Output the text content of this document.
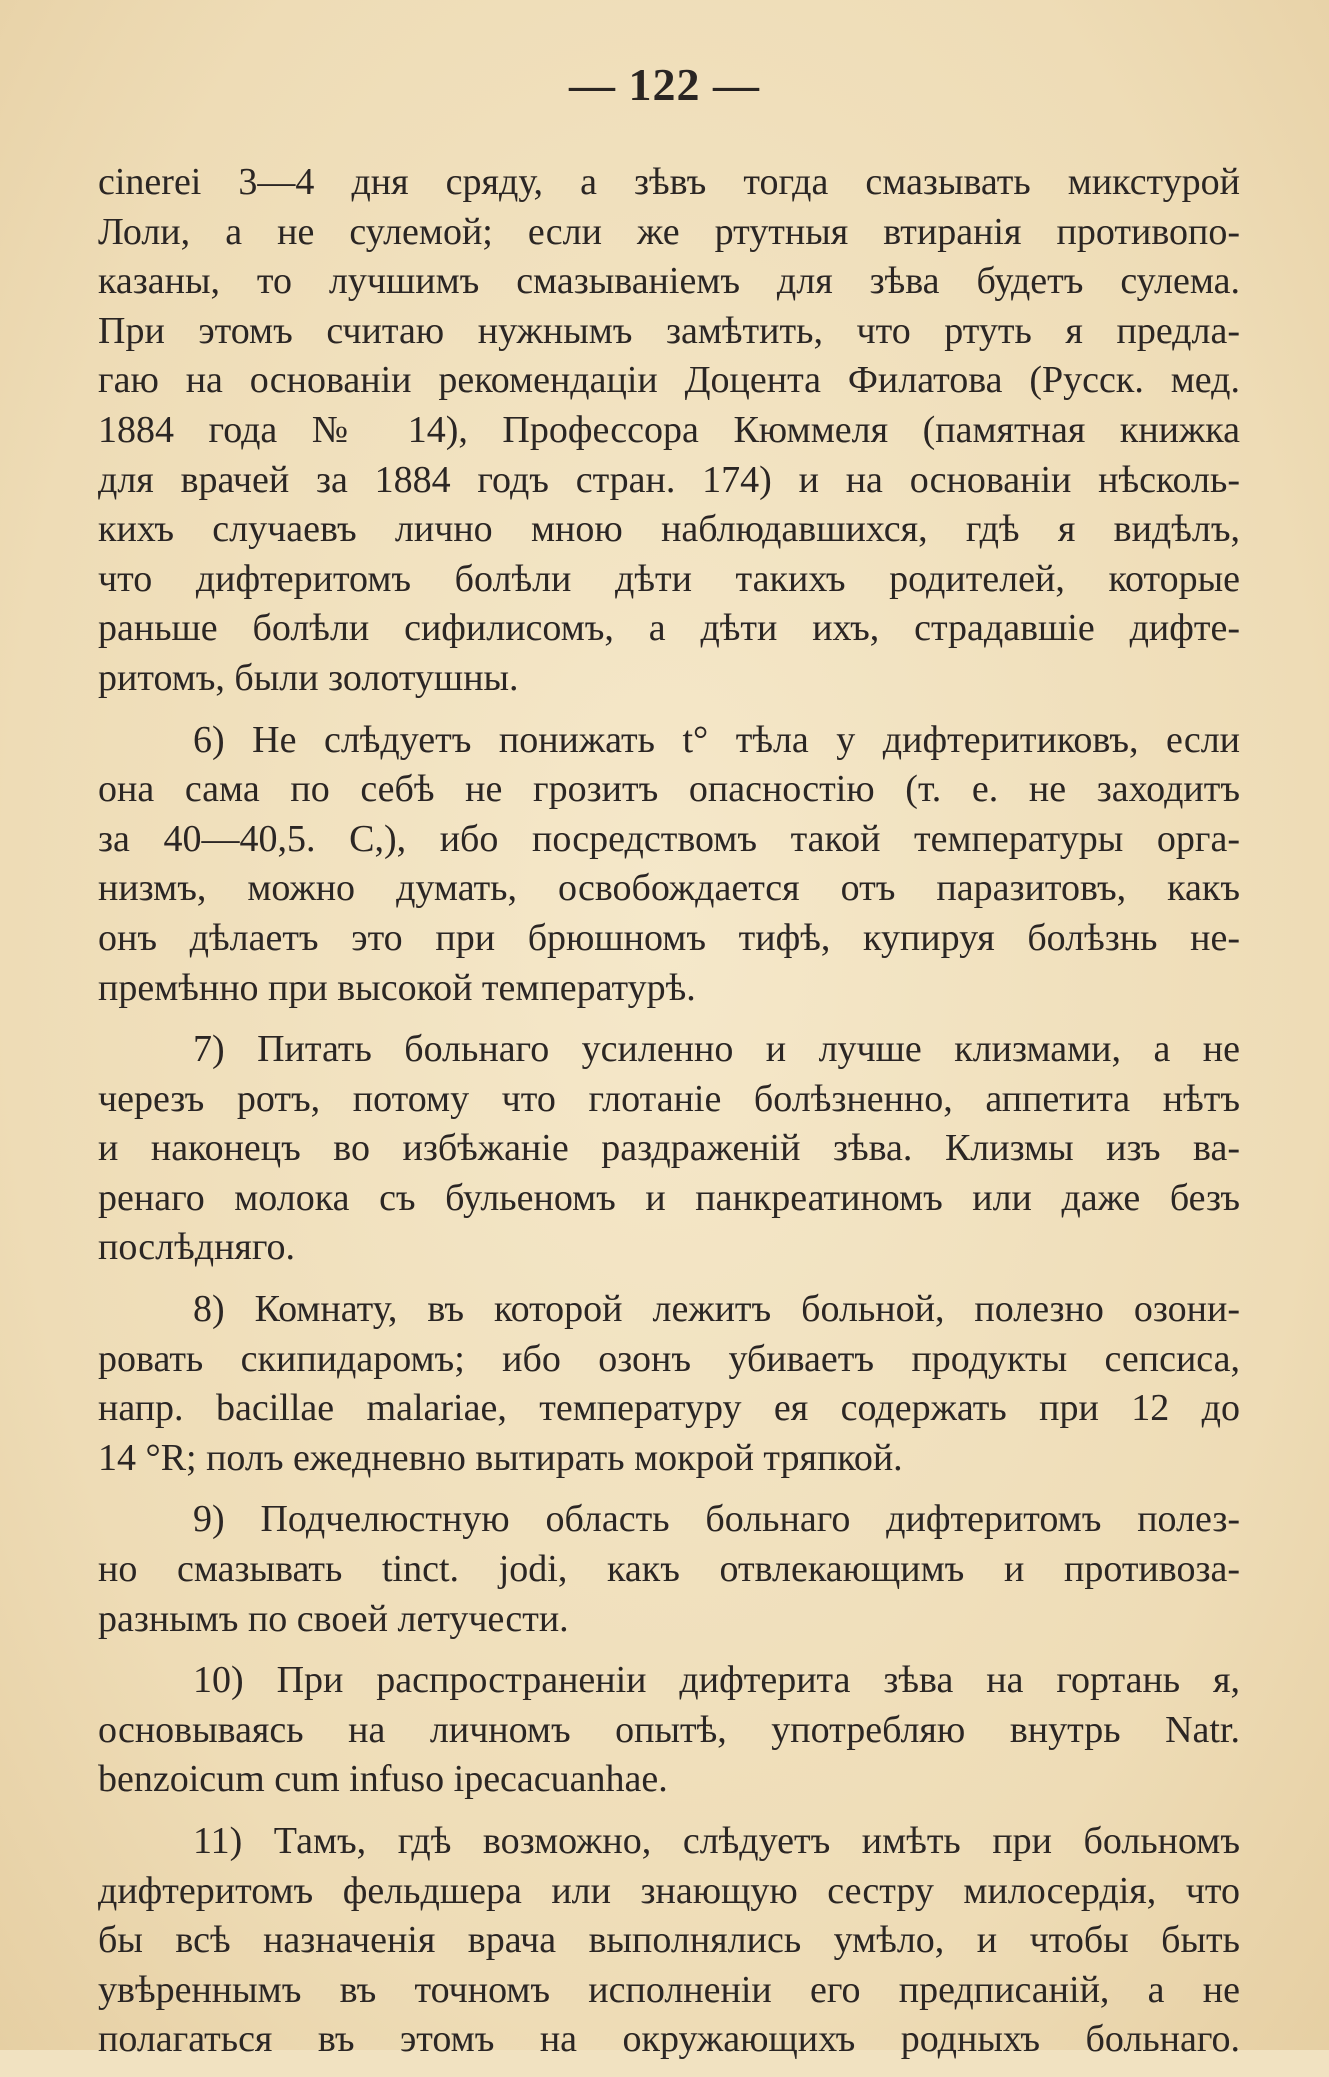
— 122 —
cinerei 3—4 дня сряду, а зѣвъ тогда смазывать микстурой
Лоли, а не сулемой; если же ртутныя втиранія противопо-
казаны, то лучшимъ смазываніемъ для зѣва будетъ сулема.
При этомъ считаю нужнымъ замѣтить, что ртуть я предла-
гаю на основаніи рекомендаціи Доцента Филатова (Русск. мед.
1884 года № 14), Профессора Кюммеля (памятная книжка
для врачей за 1884 годъ стран. 174) и на основаніи нѣсколь-
кихъ случаевъ лично мною наблюдавшихся, гдѣ я видѣлъ,
что дифтеритомъ болѣли дѣти такихъ родителей, которые
раньше болѣли сифилисомъ, а дѣти ихъ, страдавшіе дифте-
ритомъ, были золотушны.
6) Не слѣдуетъ понижать t° тѣла у дифтеритиковъ, если
она сама по себѣ не грозитъ опасностію (т. е. не заходитъ
за 40—40,5. С,), ибо посредствомъ такой температуры орга-
низмъ, можно думать, освобождается отъ паразитовъ, какъ
онъ дѣлаетъ это при брюшномъ тифѣ, купируя болѣзнь не-
премѣнно при высокой температурѣ.
7) Питать больнаго усиленно и лучше клизмами, а не
черезъ ротъ, потому что глотаніе болѣзненно, аппетита нѣтъ
и наконецъ во избѣжаніе раздраженій зѣва. Клизмы изъ ва-
ренаго молока съ бульеномъ и панкреатиномъ или даже безъ
послѣдняго.
8) Комнату, въ которой лежитъ больной, полезно озони-
ровать скипидаромъ; ибо озонъ убиваетъ продукты сепсиса,
напр. bacillae malariae, температуру ея содержать при 12 до
14 °R; полъ ежедневно вытирать мокрой тряпкой.
9) Подчелюстную область больнаго дифтеритомъ полез-
но смазывать tinct. jodi, какъ отвлекающимъ и противоза-
разнымъ по своей летучести.
10) При распространеніи дифтерита зѣва на гортань я,
основываясь на личномъ опытѣ, употребляю внутрь Natr.
benzoicum cum infuso ipecacuanhae.
11) Тамъ, гдѣ возможно, слѣдуетъ имѣть при больномъ
дифтеритомъ фельдшера или знающую сестру милосердія, что
бы всѣ назначенія врача выполнялись умѣло, и чтобы быть
увѣреннымъ въ точномъ исполненіи его предписаній, а не
полагаться въ этомъ на окружающихъ родныхъ больнаго.
